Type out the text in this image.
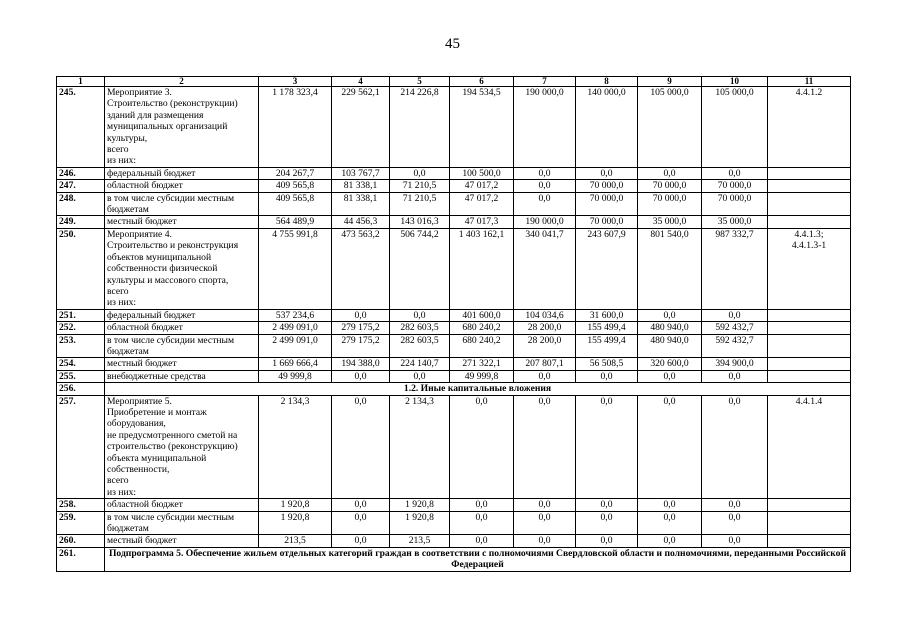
45
1	2	3	4	5	6	7	8	9	10	11
245.	Мероприятие 3.
Строительство (реконструкции) зданий для размещения муниципальных организаций культуры,
всего
из них:	1 178 323,4	229 562,1	214 226,8	194 534,5	190 000,0	140 000,0	105 000,0	105 000,0	4.4.1.2
246.	федеральный бюджет	204 267,7	103 767,7	0,0	100 500,0	0,0	0,0	0,0	0,0	
247.	областной бюджет	409 565,8	81 338,1	71 210,5	47 017,2	0,0	70 000,0	70 000,0	70 000,0	
248.	в том числе субсидии местным бюджетам	409 565,8	81 338,1	71 210,5	47 017,2	0,0	70 000,0	70 000,0	70 000,0	
249.	местный бюджет	564 489,9	44 456,3	143 016,3	47 017,3	190 000,0	70 000,0	35 000,0	35 000,0	
250.	Мероприятие 4.
Строительство и реконструкция объектов муниципальной собственности физической культуры и массового спорта,
всего
из них:	4 755 991,8	473 563,2	506 744,2	1 403 162,1	340 041,7	243 607,9	801 540,0	987 332,7	4.4.1.3;
4.4.1.3-1
251.	федеральный бюджет	537 234,6	0,0	0,0	401 600,0	104 034,6	31 600,0	0,0	0,0	
252.	областной бюджет	2 499 091,0	279 175,2	282 603,5	680 240,2	28 200,0	155 499,4	480 940,0	592 432,7	
253.	в том числе субсидии местным бюджетам	2 499 091,0	279 175,2	282 603,5	680 240,2	28 200,0	155 499,4	480 940,0	592 432,7	
254.	местный бюджет	1 669 666,4	194 388,0	224 140,7	271 322,1	207 807,1	56 508,5	320 600,0	394 900,0	
255.	внебюджетные средства	49 999,8	0,0	0,0	49 999,8	0,0	0,0	0,0	0,0	
256.	1.2. Иные капитальные вложения									
257.	Мероприятие 5.
Приобретение и монтаж оборудования,
не предусмотренного сметой на строительство (реконструкцию) объекта муниципальной собственности,
всего
из них:	2 134,3	0,0	2 134,3	0,0	0,0	0,0	0,0	0,0	4.4.1.4
258.	областной бюджет	1 920,8	0,0	1 920,8	0,0	0,0	0,0	0,0	0,0	
259.	в том числе субсидии местным бюджетам	1 920,8	0,0	1 920,8	0,0	0,0	0,0	0,0	0,0	
260.	местный бюджет	213,5	0,0	213,5	0,0	0,0	0,0	0,0	0,0	
261.	Подпрограмма 5. Обеспечение жильем отдельных категорий граждан в соответствии с полномочиями Свердловской области и полномочиями, переданными Российской Федерацией									
